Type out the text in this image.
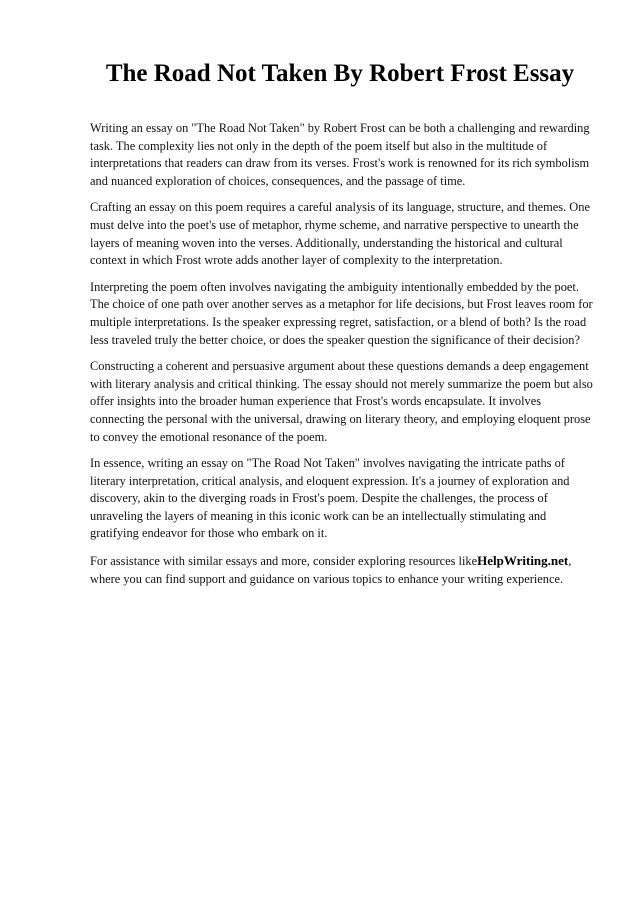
The Road Not Taken By Robert Frost Essay

Writing an essay on "The Road Not Taken" by Robert Frost can be both a challenging and rewarding task. The complexity lies not only in the depth of the poem itself but also in the multitude of interpretations that readers can draw from its verses. Frost's work is renowned for its rich symbolism and nuanced exploration of choices, consequences, and the passage of time.

Crafting an essay on this poem requires a careful analysis of its language, structure, and themes. One must delve into the poet's use of metaphor, rhyme scheme, and narrative perspective to unearth the layers of meaning woven into the verses. Additionally, understanding the historical and cultural context in which Frost wrote adds another layer of complexity to the interpretation.

Interpreting the poem often involves navigating the ambiguity intentionally embedded by the poet. The choice of one path over another serves as a metaphor for life decisions, but Frost leaves room for multiple interpretations. Is the speaker expressing regret, satisfaction, or a blend of both? Is the road less traveled truly the better choice, or does the speaker question the significance of their decision?

Constructing a coherent and persuasive argument about these questions demands a deep engagement with literary analysis and critical thinking. The essay should not merely summarize the poem but also offer insights into the broader human experience that Frost's words encapsulate. It involves connecting the personal with the universal, drawing on literary theory, and employing eloquent prose to convey the emotional resonance of the poem.

In essence, writing an essay on "The Road Not Taken" involves navigating the intricate paths of literary interpretation, critical analysis, and eloquent expression. It's a journey of exploration and discovery, akin to the diverging roads in Frost's poem. Despite the challenges, the process of unraveling the layers of meaning in this iconic work can be an intellectually stimulating and gratifying endeavor for those who embark on it.

For assistance with similar essays and more, consider exploring resources likeHelpWriting.net, where you can find support and guidance on various topics to enhance your writing experience.
